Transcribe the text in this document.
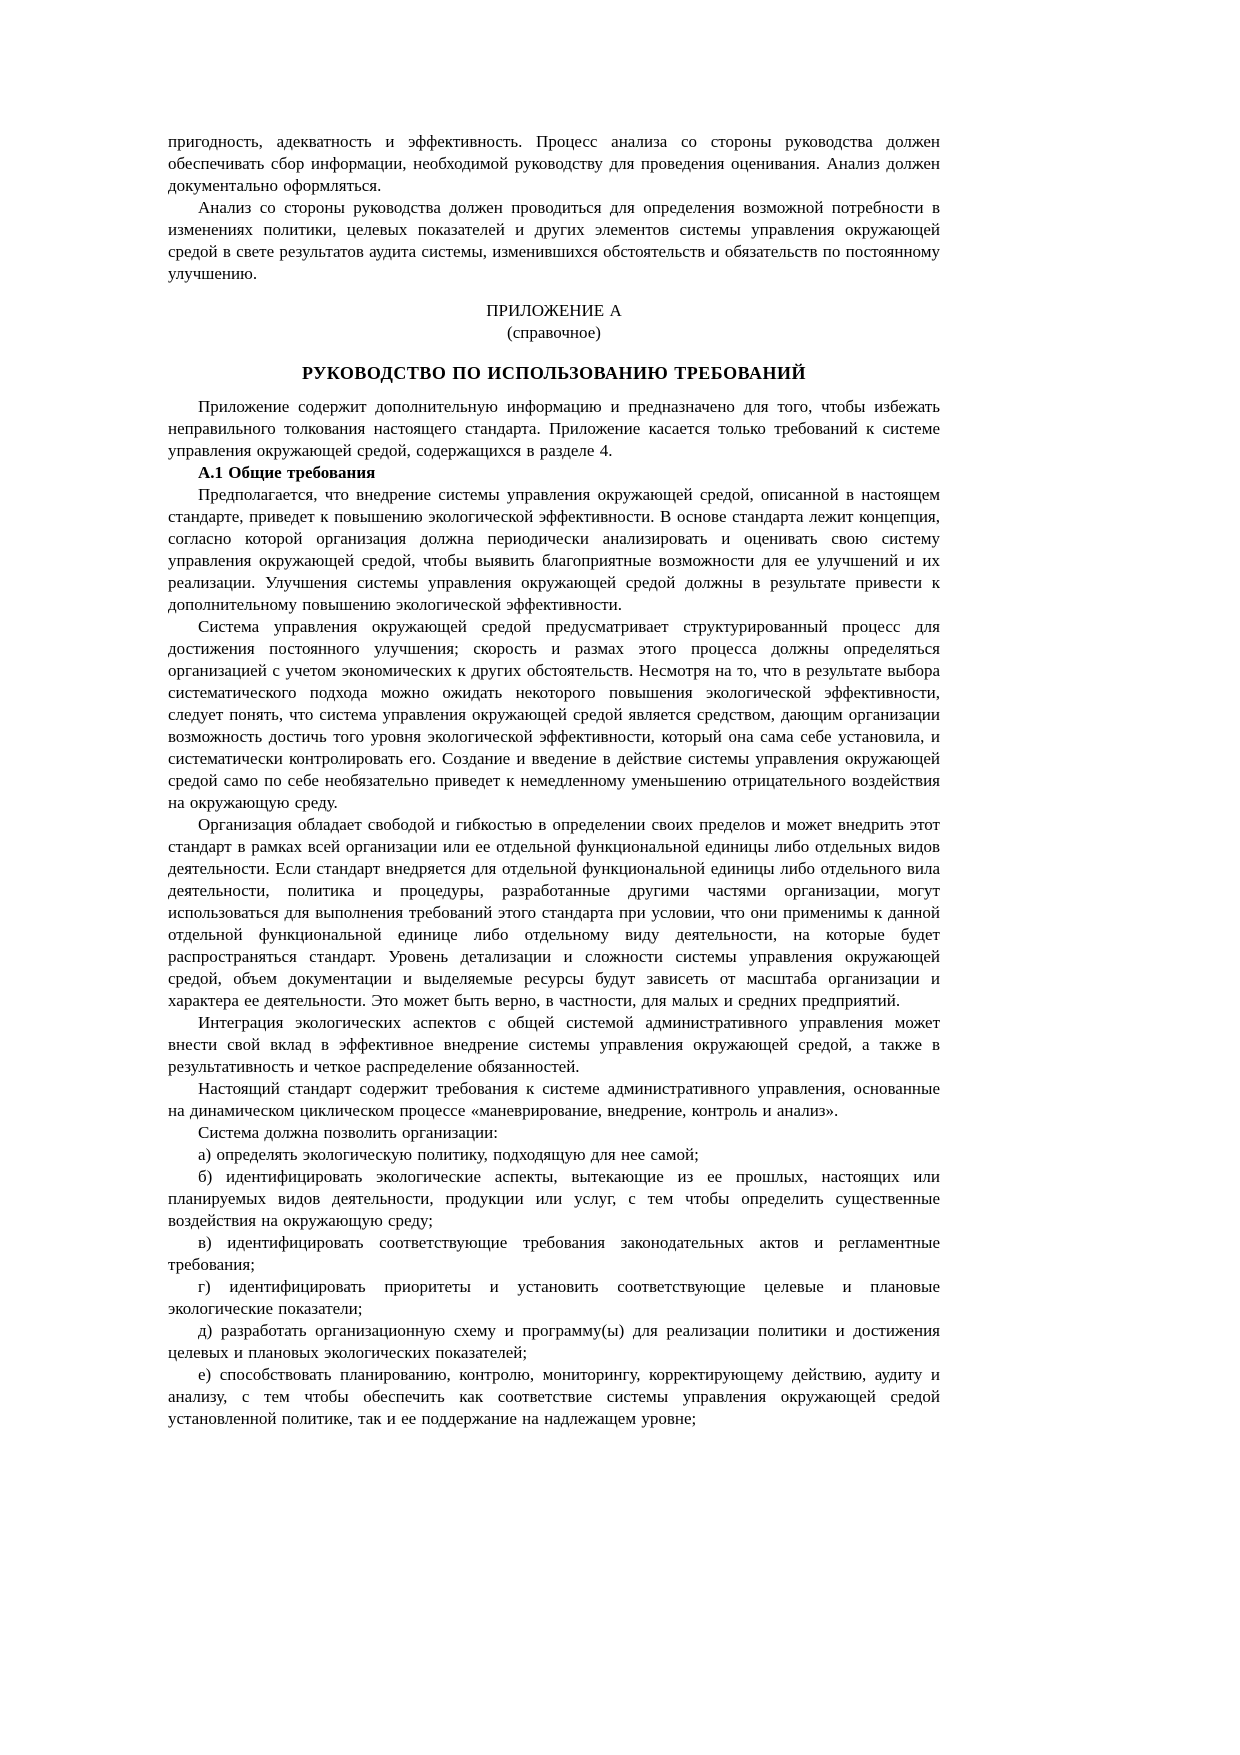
пригодность, адекватность и эффективность. Процесс анализа со стороны руководства должен обеспечивать сбор информации, необходимой руководству для проведения оценивания. Анализ должен документально оформляться.

Анализ со стороны руководства должен проводиться для определения возможной потребности в изменениях политики, целевых показателей и других элементов системы управления окружающей средой в свете результатов аудита системы, изменившихся обстоятельств и обязательств по постоянному улучшению.

ПРИЛОЖЕНИЕ А

(справочное)

РУКОВОДСТВО ПО ИСПОЛЬЗОВАНИЮ ТРЕБОВАНИЙ

Приложение содержит дополнительную информацию и предназначено для того, чтобы избежать неправильного толкования настоящего стандарта. Приложение касается только требований к системе управления окружающей средой, содержащихся в разделе 4.

А.1 Общие требования

Предполагается, что внедрение системы управления окружающей средой, описанной в настоящем стандарте, приведет к повышению экологической эффективности. В основе стандарта лежит концепция, согласно которой организация должна периодически анализировать и оценивать свою систему управления окружающей средой, чтобы выявить благоприятные возможности для ее улучшений и их реализации. Улучшения системы управления окружающей средой должны в результате привести к дополнительному повышению экологической эффективности.

Система управления окружающей средой предусматривает структурированный процесс для достижения постоянного улучшения; скорость и размах этого процесса должны определяться организацией с учетом экономических к других обстоятельств. Несмотря на то, что в результате выбора систематического подхода можно ожидать некоторого повышения экологической эффективности, следует понять, что система управления окружающей средой является средством, дающим организации возможность достичь того уровня экологической эффективности, который она сама себе установила, и систематически контролировать его. Создание и введение в действие системы управления окружающей средой само по себе необязательно приведет к немедленному уменьшению отрицательного воздействия на окружающую среду.

Организация обладает свободой и гибкостью в определении своих пределов и может внедрить этот стандарт в рамках всей организации или ее отдельной функциональной единицы либо отдельных видов деятельности. Если стандарт внедряется для отдельной функциональной единицы либо отдельного вила деятельности, политика и процедуры, разработанные другими частями организации, могут использоваться для выполнения требований этого стандарта при условии, что они применимы к данной отдельной функциональной единице либо отдельному виду деятельности, на которые будет распространяться стандарт. Уровень детализации и сложности системы управления окружающей средой, объем документации и выделяемые ресурсы будут зависеть от масштаба организации и характера ее деятельности. Это может быть верно, в частности, для малых и средних предприятий.

Интеграция экологических аспектов с общей системой административного управления может внести свой вклад в эффективное внедрение системы управления окружающей средой, а также в результативность и четкое распределение обязанностей.

Настоящий стандарт содержит требования к системе административного управления, основанные на динамическом циклическом процессе «маневрирование, внедрение, контроль и анализ».

Система должна позволить организации:

а) определять экологическую политику, подходящую для нее самой;

б) идентифицировать экологические аспекты, вытекающие из ее прошлых, настоящих или планируемых видов деятельности, продукции или услуг, с тем чтобы определить существенные воздействия на окружающую среду;

в) идентифицировать соответствующие требования законодательных актов и регламентные требования;

г) идентифицировать приоритеты и установить соответствующие целевые и плановые экологические показатели;

д) разработать организационную схему и программу(ы) для реализации политики и достижения целевых и плановых экологических показателей;

е) способствовать планированию, контролю, мониторингу, корректирующему действию, аудиту и анализу, с тем чтобы обеспечить как соответствие системы управления окружающей средой установленной политике, так и ее поддержание на надлежащем уровне;
